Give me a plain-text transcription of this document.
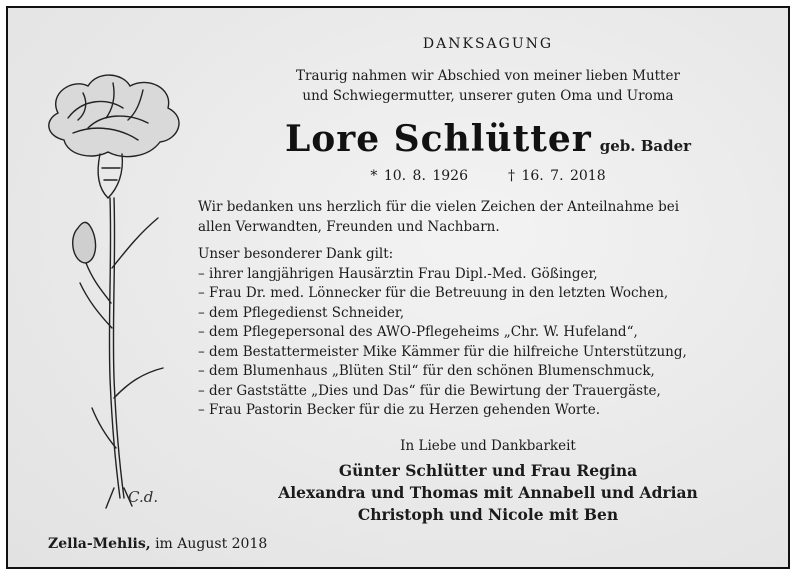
C.d.
DANKSAGUNG
Traurig nahmen wir Abschied von meiner lieben Mutter
und Schwiegermutter, unserer guten Oma und Uroma
Lore Schlütter geb. Bader
* 10. 8. 1926	† 16. 7. 2018

Wir bedanken uns herzlich für die vielen Zeichen der Anteilnahme bei

allen Verwandten, Freunden und Nachbarn.

Unser besonderer Dank gilt:

– ihrer langjährigen Hausärztin Frau Dipl.-Med. Gößinger,

– Frau Dr. med. Lönnecker für die Betreuung in den letzten Wochen,

– dem Pflegedienst Schneider,

– dem Pflegepersonal des AWO-Pflegeheims „Chr. W. Hufeland“,

– dem Bestattermeister Mike Kämmer für die hilfreiche Unterstützung,

– dem Blumenhaus „Blüten Stil“ für den schönen Blumenschmuck,

– der Gaststätte „Dies und Das“ für die Bewirtung der Trauergäste,

– Frau Pastorin Becker für die zu Herzen gehenden Worte.

In Liebe und Dankbarkeit
Günter Schlütter und Frau Regina
Alexandra und Thomas mit Annabell und Adrian
Christoph und Nicole mit Ben
Zella-Mehlis, im August 2018
